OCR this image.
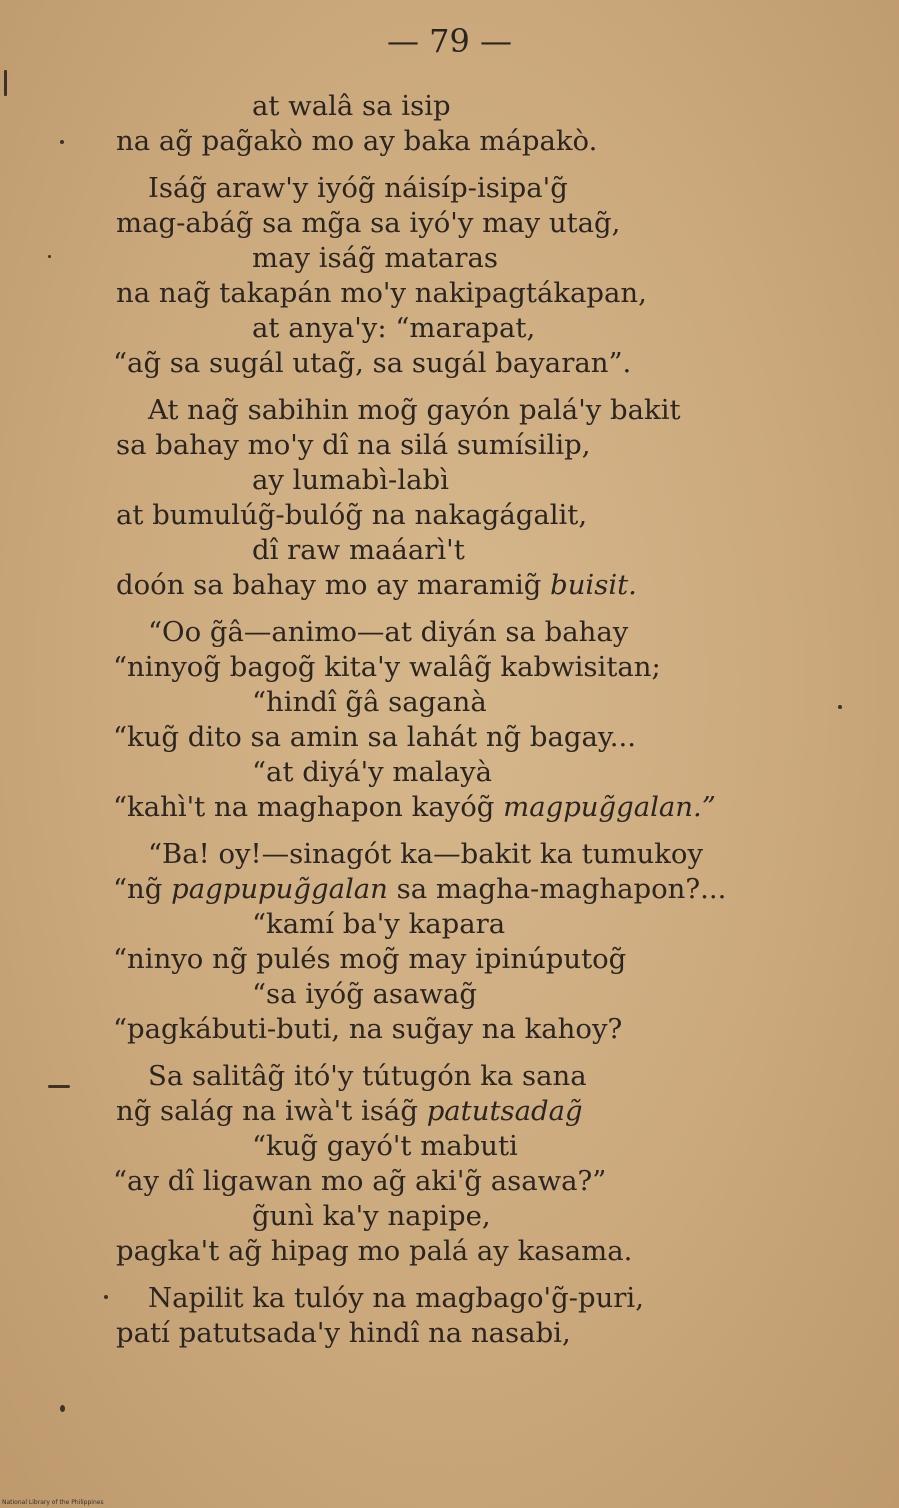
— 79 —
at walâ sa isip
na ag̃ pag̃akò mo ay baka mápakò.
Iság̃ araw'y iyóg̃ náisíp-isipa'g̃
mag-abág̃ sa mg̃a sa iyó'y may utag̃,
may iság̃ mataras
na nag̃ takapán mo'y nakipagtákapan,
at anya'y: “marapat,
“ag̃ sa sugál utag̃, sa sugál bayaran”.
At nag̃ sabihin mog̃ gayón palá'y bakit
sa bahay mo'y dî na silá sumísilip,
ay lumabì-labì
at bumulúg̃-bulóg̃ na nakagágalit,
dî raw maáarì't
doón sa bahay mo ay maramig̃ buisit.
“Oo g̃â—animo—at diyán sa bahay
“ninyog̃ bagog̃ kita'y walâg̃ kabwisitan;
“hindî g̃â saganà
“kug̃ dito sa amin sa lahát ng̃ bagay...
“at diyá'y malayà
“kahì't na maghapon kayóg̃ magpug̃galan.”
“Ba! oy!—sinagót ka—bakit ka tumukoy
“ng̃ pagpupug̃galan sa magha-maghapon?...
“kamí ba'y kapara
“ninyo ng̃ pulés mog̃ may ipinúputog̃
“sa iyóg̃ asawag̃
“pagkábuti-buti, na sug̃ay na kahoy?
Sa salitâg̃ itó'y tútugón ka sana
ng̃ salág na iwà't iság̃ patutsadag̃
“kug̃ gayó't mabuti
“ay dî ligawan mo ag̃ aki'g̃ asawa?”
g̃unì ka'y napipe,
pagka't ag̃ hipag mo palá ay kasama.
Napilit ka tulóy na magbago'g̃-puri,
patí patutsada'y hindî na nasabi,
National Library of the Philippines
